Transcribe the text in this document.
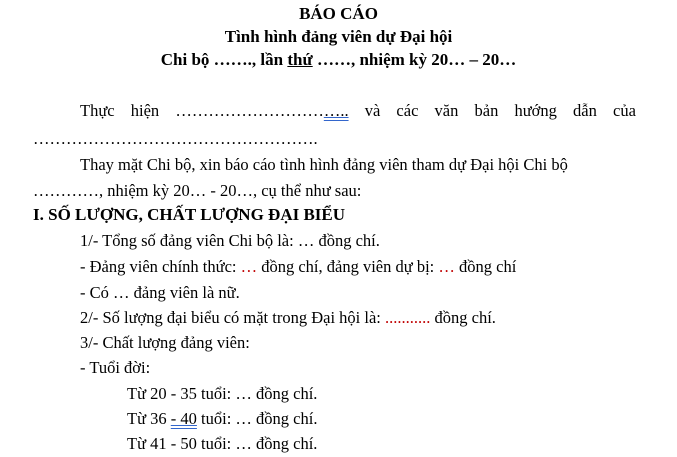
BÁO CÁO
Tình hình đảng viên dự Đại hội
Chi bộ ……., lần thứ ……, nhiệm kỳ 20… – 20…
Thực hiện ………………………….. và các văn bản hướng dẫn của
…………………………………………….
Thay mặt Chi bộ, xin báo cáo tình hình đảng viên tham dự Đại hội Chi bộ
…………, nhiệm kỳ 20… - 20…, cụ thể như sau:
I. SỐ LƯỢNG, CHẤT LƯỢNG ĐẠI BIỂU
1/- Tổng số đảng viên Chi bộ là: … đồng chí.
- Đảng viên chính thức: … đồng chí, đảng viên dự bị: … đồng chí
- Có … đảng viên là nữ.
2/- Số lượng đại biểu có mặt trong Đại hội là: ........... đồng chí.
3/- Chất lượng đảng viên:
- Tuổi đời:
Từ 20 - 35 tuổi: … đồng chí.
Từ 36 - 40 tuổi: … đồng chí.
Từ 41 - 50 tuổi: … đồng chí.
